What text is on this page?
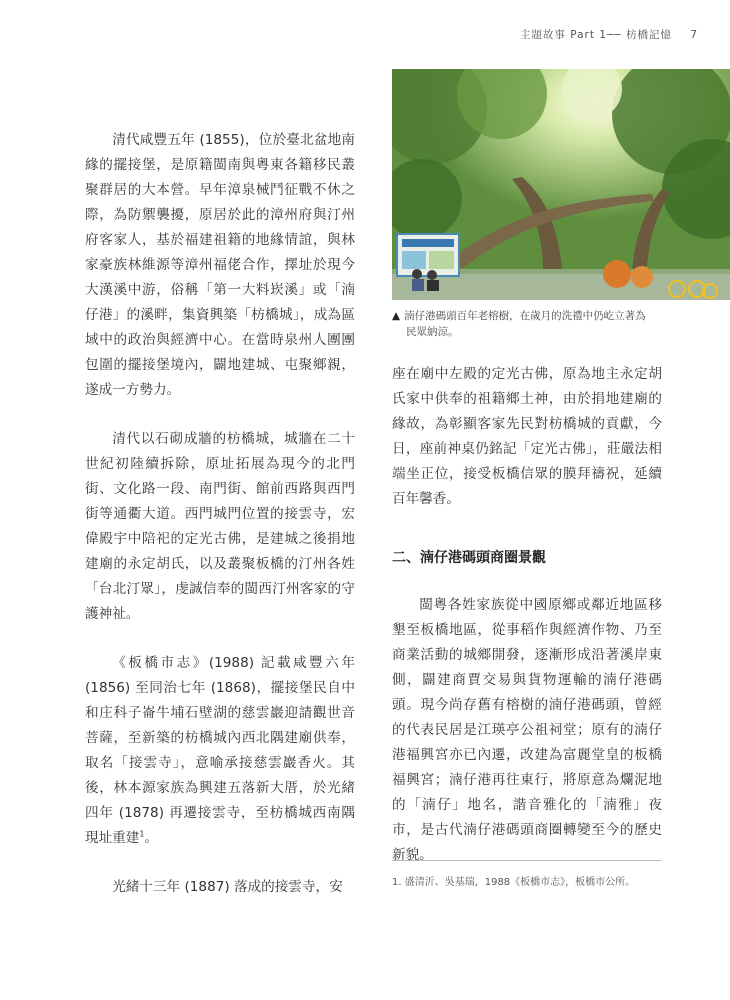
主題故事 Part 1── 枋橋記憶 7

清代咸豐五年 (1855)，位於臺北盆地南緣的擺接堡，是原籍閩南與粵東各籍移民叢聚群居的大本營。早年漳泉械鬥征戰不休之際，為防禦襲擾，原居於此的漳州府與汀州府客家人，基於福建祖籍的地緣情誼，與林家豪族林維源等漳州福佬合作，擇址於現今大漢溪中游，俗稱「第一大料崁溪」或「湳仔港」的溪畔，集資興築「枋橋城」，成為區域中的政治與經濟中心。在當時泉州人團團包圍的擺接堡境內，闢地建城、屯聚鄉親，遂成一方勢力。

清代以石砌成牆的枋橋城，城牆在二十世紀初陸續拆除，原址拓展為現今的北門街、文化路一段、南門街、館前西路與西門街等通衢大道。西門城門位置的接雲寺，宏偉殿宇中陪祀的定光古佛，是建城之後捐地建廟的永定胡氏，以及叢聚板橋的汀州各姓「台北汀眾」，虔誠信奉的閩西汀州客家的守護神祉。

《板橋市志》(1988) 記載咸豐六年 (1856) 至同治七年 (1868)，擺接堡民自中和庄科子崙牛埔石壁湖的慈雲巖迎請觀世音菩薩，至新築的枋橋城內西北隅建廟供奉，取名「接雲寺」，意喻承接慈雲巖香火。其後，林本源家族為興建五落新大厝，於光緒四年 (1878) 再遷接雲寺，至枋橋城西南隅現址重建$^1$。

光緒十三年 (1887) 落成的接雲寺，安

▲ 湳仔港碼頭百年老榕樹，在歲月的洗禮中仍屹立著為
民眾納涼。

座在廟中左殿的定光古佛，原為地主永定胡氏家中供奉的祖籍鄉土神，由於捐地建廟的緣故，為彰顯客家先民對枋橋城的貢獻，今日，座前神桌仍銘記「定光古佛」，莊嚴法相端坐正位，接受板橋信眾的膜拜禱祝，延續百年馨香。

二、湳仔港碼頭商圈景觀

閩粵各姓家族從中國原鄉或鄰近地區移墾至板橋地區，從事稻作與經濟作物、乃至商業活動的城鄉開發，逐漸形成沿著溪岸東側，闢建商賈交易與貨物運輸的湳仔港碼頭。現今尚存舊有榕樹的湳仔港碼頭，曾經的代表民居是江瑛亭公祖祠堂；原有的湳仔港福興宮亦已內遷，改建為富麗堂皇的板橋福興宮；湳仔港再往東行，將原意為爛泥地的「湳仔」地名，諧音雅化的「湳雅」夜市，是古代湳仔港碼頭商圈轉變至今的歷史新貌。

1. 盛清沂、吳基瑞，1988《板橋市志》，板橋市公所。
